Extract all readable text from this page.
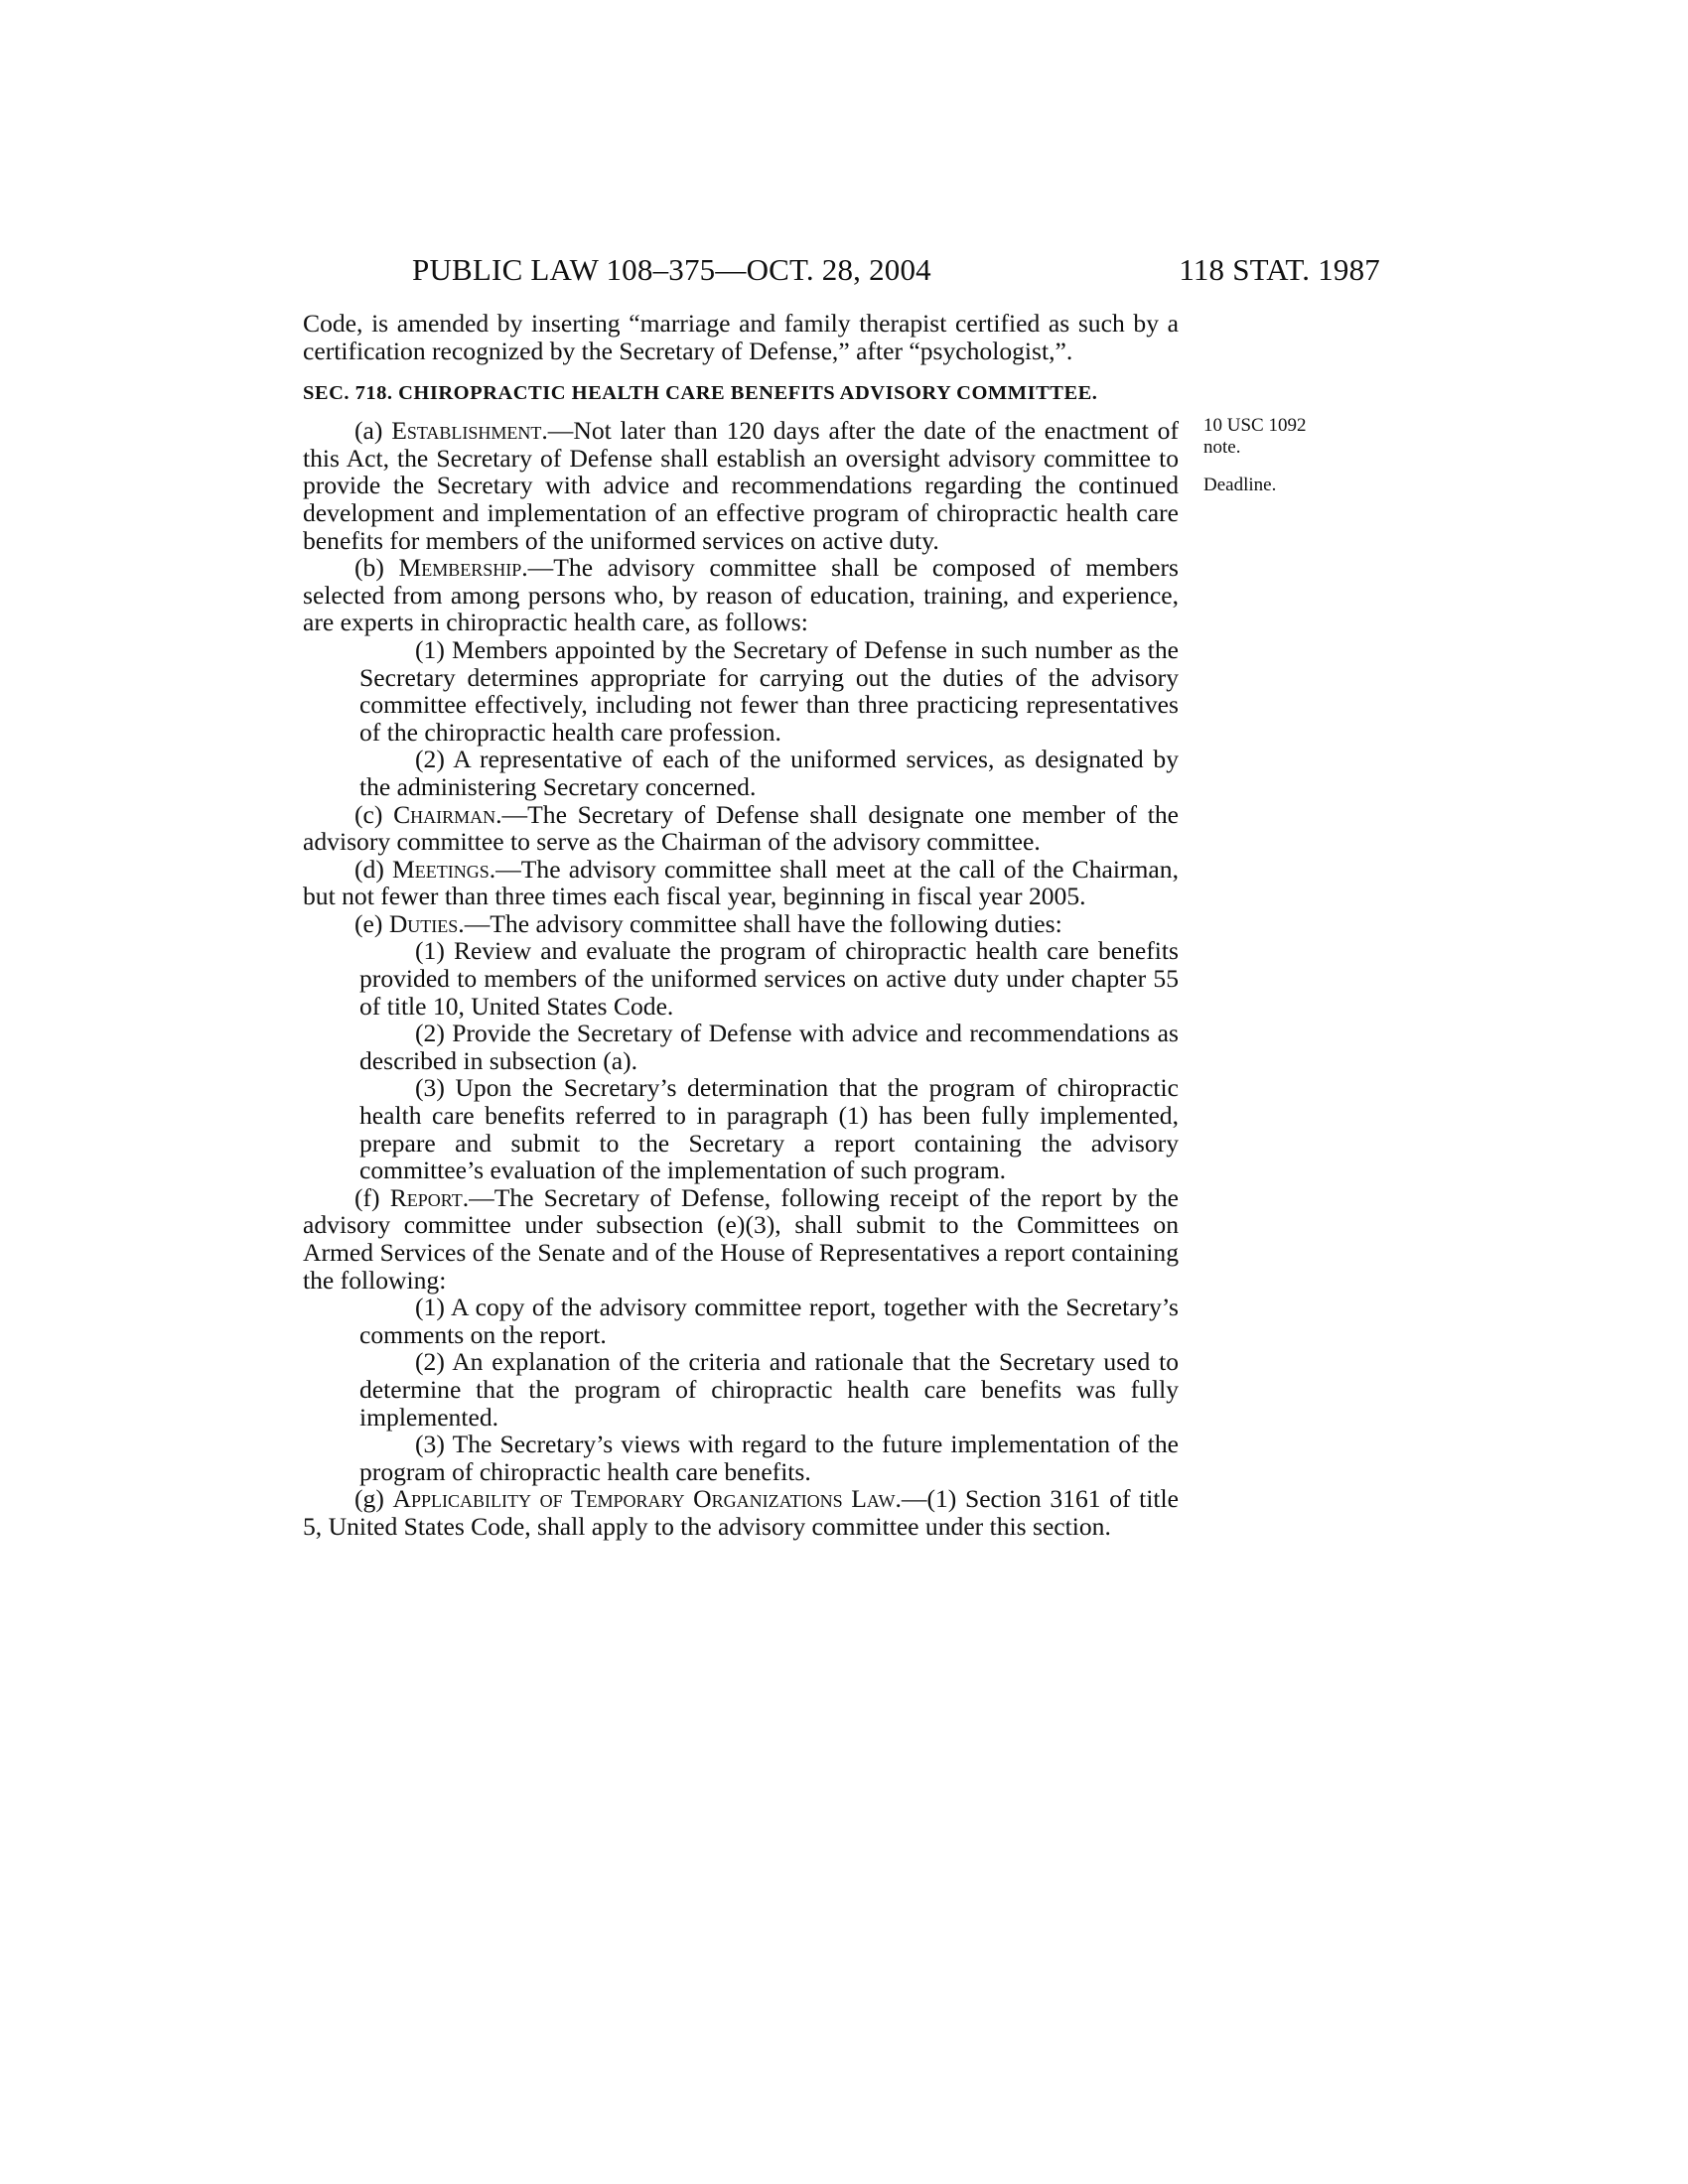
PUBLIC LAW 108–375—OCT. 28, 2004	118 STAT. 1987
10 USC 1092
note.
Deadline.

Code, is amended by inserting “marriage and family therapist certified as such by a certification recognized by the Secretary of Defense,” after “psychologist,”.

SEC. 718. CHIROPRACTIC HEALTH CARE BENEFITS ADVISORY COMMITTEE.

(a) Establishment.—Not later than 120 days after the date of the enactment of this Act, the Secretary of Defense shall establish an oversight advisory committee to provide the Secretary with advice and recommendations regarding the continued development and implementation of an effective program of chiropractic health care benefits for members of the uniformed services on active duty.

(b) Membership.—The advisory committee shall be composed of members selected from among persons who, by reason of education, training, and experience, are experts in chiropractic health care, as follows:

(1) Members appointed by the Secretary of Defense in such number as the Secretary determines appropriate for carrying out the duties of the advisory committee effectively, including not fewer than three practicing representatives of the chiropractic health care profession.

(2) A representative of each of the uniformed services, as designated by the administering Secretary concerned.

(c) Chairman.—The Secretary of Defense shall designate one member of the advisory committee to serve as the Chairman of the advisory committee.

(d) Meetings.—The advisory committee shall meet at the call of the Chairman, but not fewer than three times each fiscal year, beginning in fiscal year 2005.

(e) Duties.—The advisory committee shall have the following duties:

(1) Review and evaluate the program of chiropractic health care benefits provided to members of the uniformed services on active duty under chapter 55 of title 10, United States Code.

(2) Provide the Secretary of Defense with advice and recommendations as described in subsection (a).

(3) Upon the Secretary’s determination that the program of chiropractic health care benefits referred to in paragraph (1) has been fully implemented, prepare and submit to the Secretary a report containing the advisory committee’s evaluation of the implementation of such program.

(f) Report.—The Secretary of Defense, following receipt of the report by the advisory committee under subsection (e)(3), shall submit to the Committees on Armed Services of the Senate and of the House of Representatives a report containing the following:

(1) A copy of the advisory committee report, together with the Secretary’s comments on the report.

(2) An explanation of the criteria and rationale that the Secretary used to determine that the program of chiropractic health care benefits was fully implemented.

(3) The Secretary’s views with regard to the future implementation of the program of chiropractic health care benefits.

(g) Applicability of Temporary Organizations Law.—(1) Section 3161 of title 5, United States Code, shall apply to the advisory committee under this section.
